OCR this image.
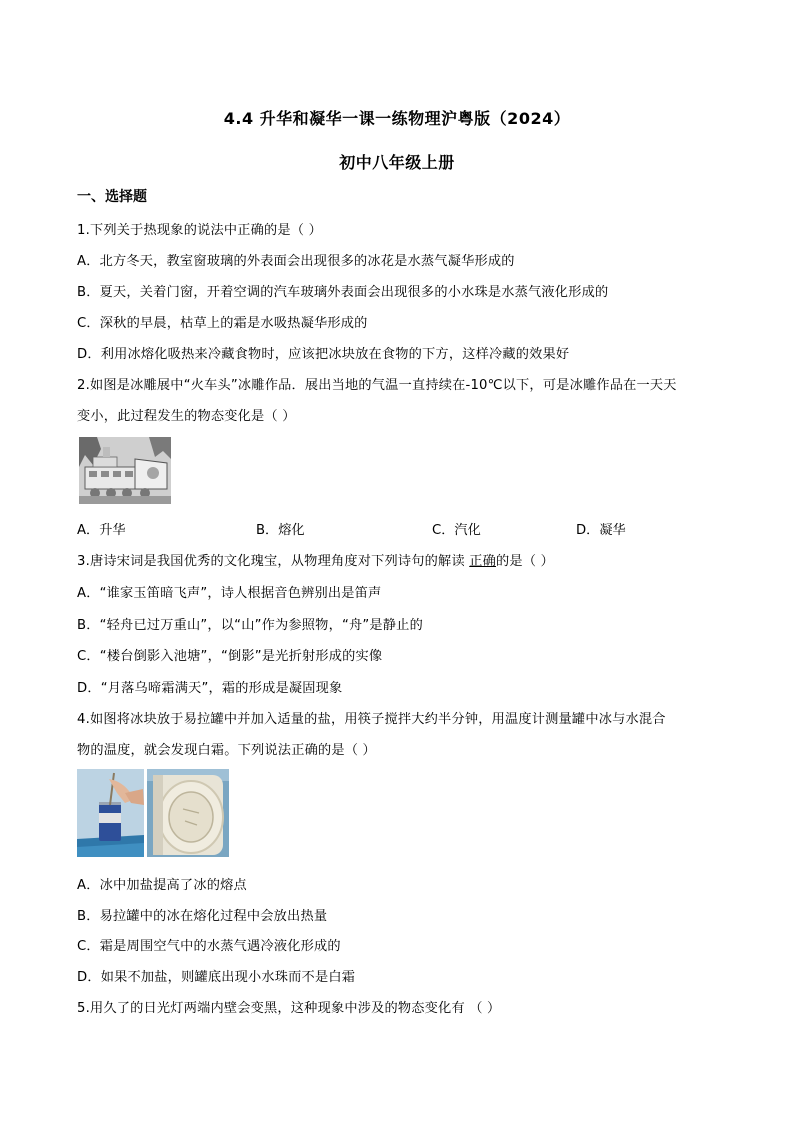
4.4 升华和凝华一课一练物理沪粤版（2024）
初中八年级上册
一、选择题
1.下列关于热现象的说法中正确的是（ ）
A．北方冬天，教室窗玻璃的外表面会出现很多的冰花是水蒸气凝华形成的
B．夏天，关着门窗，开着空调的汽车玻璃外表面会出现很多的小水珠是水蒸气液化形成的
C．深秋的早晨，枯草上的霜是水吸热凝华形成的
D．利用冰熔化吸热来冷藏食物时，应该把冰块放在食物的下方，这样冷藏的效果好
2.如图是冰雕展中“火车头”冰雕作品．展出当地的气温一直持续在-10℃以下，可是冰雕作品在一天天
变小，此过程发生的物态变化是（ ）
A．升华	B．熔化	C．汽化	D．凝华
3.唐诗宋词是我国优秀的文化瑰宝，从物理角度对下列诗句的解读 正确的是（ ）
A．“谁家玉笛暗飞声”，诗人根据音色辨别出是笛声
B．“轻舟已过万重山”，以“山”作为参照物，“舟”是静止的
C．“楼台倒影入池塘”，“倒影”是光折射形成的实像
D．“月落乌啼霜满天”，霜的形成是凝固现象
4.如图将冰块放于易拉罐中并加入适量的盐，用筷子搅拌大约半分钟，用温度计测量罐中冰与水混合
物的温度，就会发现白霜。下列说法正确的是（ ）
A．冰中加盐提高了冰的熔点
B．易拉罐中的冰在熔化过程中会放出热量
C．霜是周围空气中的水蒸气遇冷液化形成的
D．如果不加盐，则罐底出现小水珠而不是白霜
5.用久了的日光灯两端内壁会变黑，这种现象中涉及的物态变化有 （ ）
